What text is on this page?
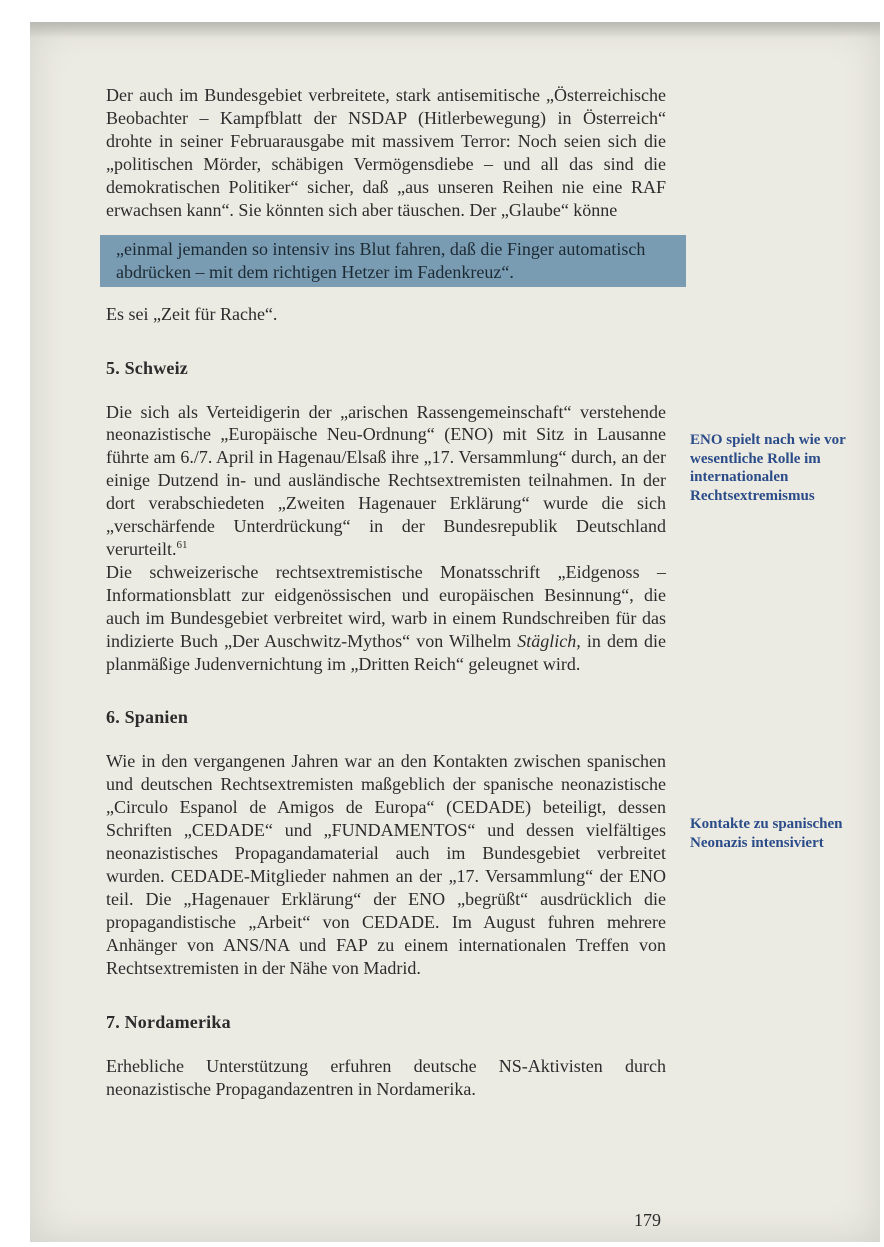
Der auch im Bundesgebiet verbreitete, stark antisemitische „Österreichische Beobachter – Kampfblatt der NSDAP (Hitlerbewegung) in Österreich“ drohte in seiner Februarausgabe mit massivem Terror: Noch seien sich die „politischen Mörder, schäbigen Vermögensdiebe – und all das sind die demokratischen Politiker“ sicher, daß „aus unseren Reihen nie eine RAF erwachsen kann“. Sie könnten sich aber täuschen. Der „Glaube“ könne

„einmal jemanden so intensiv ins Blut fahren, daß die Finger automatisch abdrücken – mit dem richtigen Hetzer im Fadenkreuz“.

Es sei „Zeit für Rache“.

5. Schweiz

Die sich als Verteidigerin der „arischen Rassengemeinschaft“ verstehende neonazistische „Europäische Neu-Ordnung“ (ENO) mit Sitz in Lausanne führte am 6./7. April in Hagenau/Elsaß ihre „17. Versammlung“ durch, an der einige Dutzend in- und ausländische Rechtsextremisten teilnahmen. In der dort verabschiedeten „Zweiten Hagenauer Erklärung“ wurde die sich „verschärfende Unterdrückung“ in der Bundesrepublik Deutschland verurteilt.$^{61}$

Die schweizerische rechtsextremistische Monatsschrift „Eidgenoss – Informationsblatt zur eidgenössischen und europäischen Besinnung“, die auch im Bundesgebiet verbreitet wird, warb in einem Rundschreiben für das indizierte Buch „Der Auschwitz-Mythos“ von Wilhelm Stäglich, in dem die planmäßige Judenvernichtung im „Dritten Reich“ geleugnet wird.

6. Spanien

Wie in den vergangenen Jahren war an den Kontakten zwischen spanischen und deutschen Rechtsextremisten maßgeblich der spanische neonazistische „Circulo Espanol de Amigos de Europa“ (CEDADE) beteiligt, dessen Schriften „CEDADE“ und „FUNDAMENTOS“ und dessen vielfältiges neonazistisches Propagandamaterial auch im Bundesgebiet verbreitet wurden. CEDADE-Mitglieder nahmen an der „17. Versammlung“ der ENO teil. Die „Hagenauer Erklärung“ der ENO „begrüßt“ ausdrücklich die propagandistische „Arbeit“ von CEDADE. Im August fuhren mehrere Anhänger von ANS/NA und FAP zu einem internationalen Treffen von Rechtsextremisten in der Nähe von Madrid.

7. Nordamerika

Erhebliche Unterstützung erfuhren deutsche NS-Aktivisten durch neonazistische Propagandazentren in Nordamerika.

ENO spielt nach wie vor wesentliche Rolle im internationalen Rechtsextremismus
Kontakte zu spanischen Neonazis intensiviert
179
